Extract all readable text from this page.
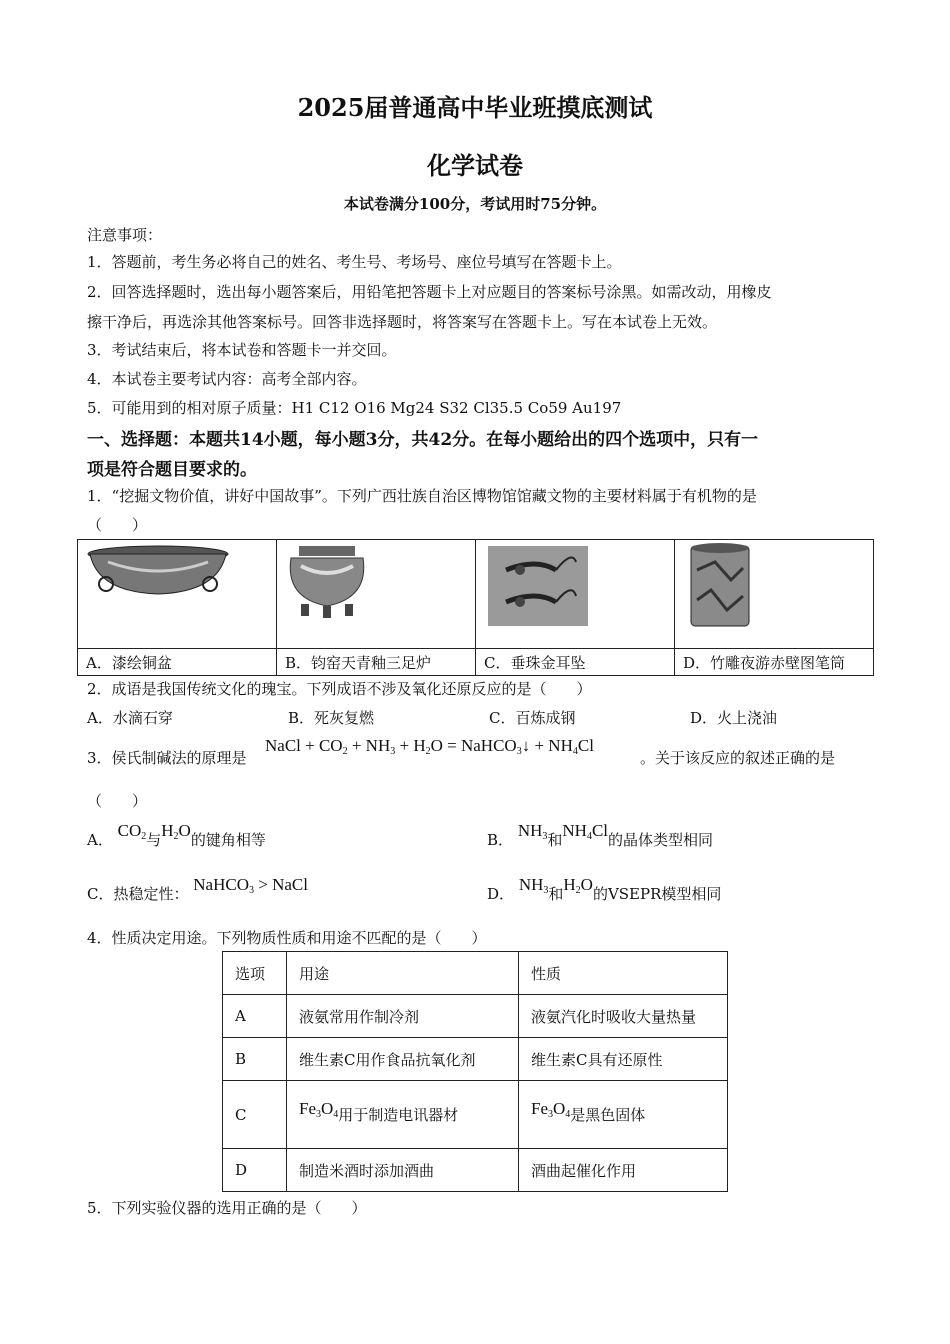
2025届普通高中毕业班摸底测试
化学试卷
本试卷满分100分，考试用时75分钟。
注意事项：
1．答题前，考生务必将自己的姓名、考生号、考场号、座位号填写在答题卡上。
2．回答选择题时，选出每小题答案后，用铅笔把答题卡上对应题目的答案标号涂黑。如需改动，用橡皮
擦干净后，再选涂其他答案标号。回答非选择题时，将答案写在答题卡上。写在本试卷上无效。
3．考试结束后，将本试卷和答题卡一并交回。
4．本试卷主要考试内容：高考全部内容。
5．可能用到的相对原子质量：H1 C12 O16 Mg24 S32 Cl35.5 Co59 Au197
一、选择题：本题共14小题，每小题3分，共42分。在每小题给出的四个选项中，只有一
项是符合题目要求的。
1．“挖掘文物价值，讲好中国故事”。下列广西壮族自治区博物馆馆藏文物的主要材料属于有机物的是
（　　）

A．漆绘铜盆	B．钧窑天青釉三足炉	C．垂珠金耳坠	D．竹雕夜游赤壁图笔筒
2．成语是我国传统文化的瑰宝。下列成语不涉及氧化还原反应的是（　　）
A．水滴石穿	B．死灰复燃	C．百炼成钢	D．火上浇油
3．侯氏制碱法的原理是
NaCl + $CO_2 + NH_3 + H_2O$ = NaHCO$_3$↓ + $NH_4Cl$
。关于该反应的叙述正确的是
（　　）
A． $CO_2$与$H_2O$的键角相等	B． $NH_3$和$NH_4Cl$的晶体类型相同
C．热稳定性： NaHCO$_3$ > NaCl	D． $NH_3$和$H_2O$的VSEPR模型相同
4．性质决定用途。下列物质性质和用途不匹配的是（　　）
选项	用途	性质
A	液氨常用作制冷剂	液氨汽化时吸收大量热量
B	维生素C用作食品抗氧化剂	维生素C具有还原性
C	$Fe_3O_4$用于制造电讯器材	$Fe_3O_4$是黑色固体
D	制造米酒时添加酒曲	酒曲起催化作用
5．下列实验仪器的选用正确的是（　　）
